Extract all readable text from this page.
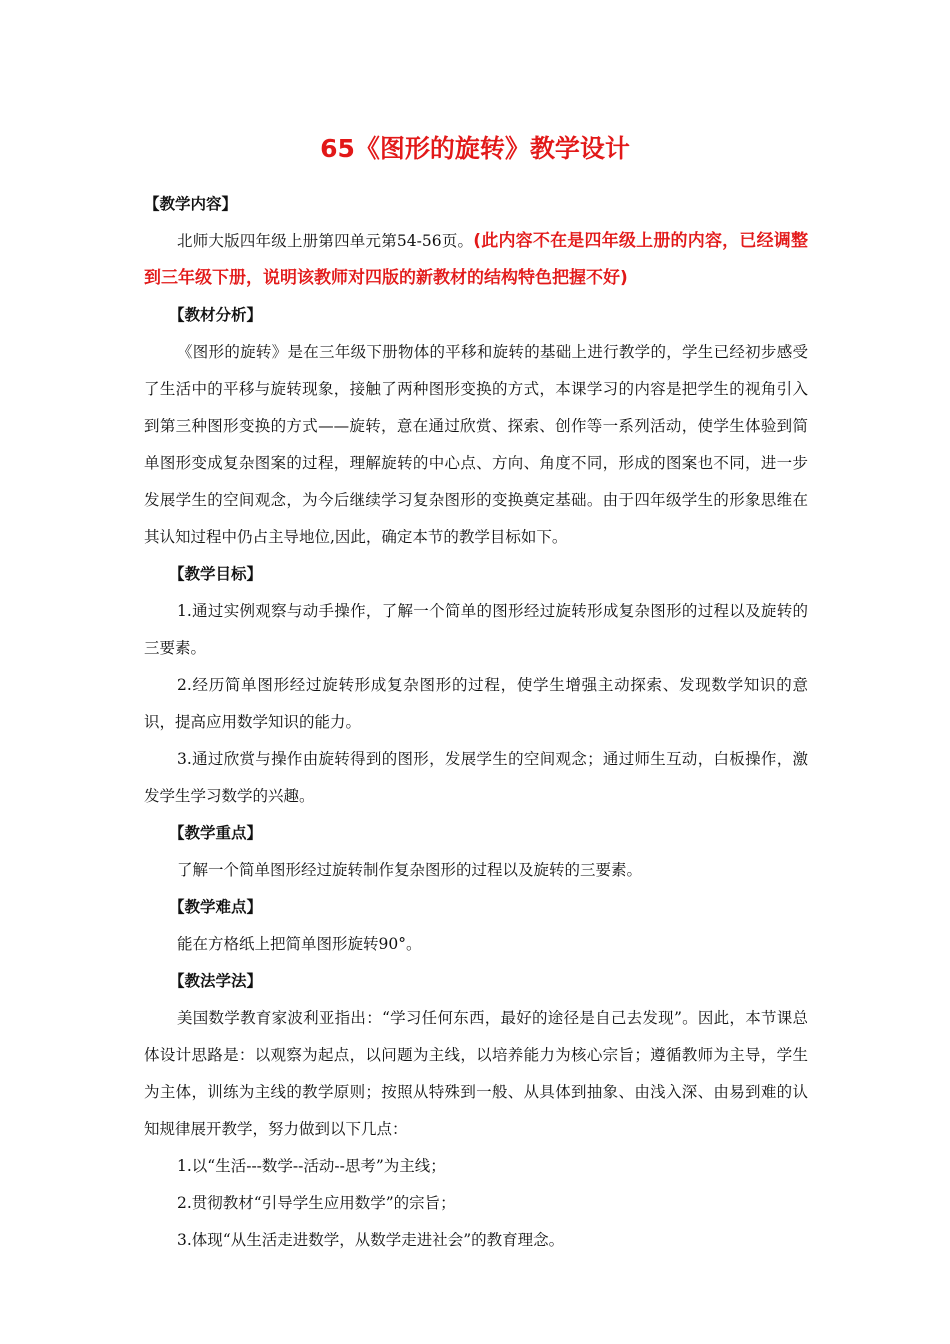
65《图形的旋转》教学设计

【教学内容】

北师大版四年级上册第四单元第54-56页。(此内容不在是四年级上册的内容，已经调整到三年级下册，说明该教师对四版的新教材的结构特色把握不好)

【教材分析】

《图形的旋转》是在三年级下册物体的平移和旋转的基础上进行教学的，学生已经初步感受了生活中的平移与旋转现象，接触了两种图形变换的方式，本课学习的内容是把学生的视角引入到第三种图形变换的方式——旋转，意在通过欣赏、探索、创作等一系列活动，使学生体验到简单图形变成复杂图案的过程，理解旋转的中心点、方向、角度不同，形成的图案也不同，进一步发展学生的空间观念，为今后继续学习复杂图形的变换奠定基础。由于四年级学生的形象思维在其认知过程中仍占主导地位,因此，确定本节的教学目标如下。

【教学目标】

1.通过实例观察与动手操作，了解一个简单的图形经过旋转形成复杂图形的过程以及旋转的三要素。

2.经历简单图形经过旋转形成复杂图形的过程，使学生增强主动探索、发现数学知识的意识，提高应用数学知识的能力。

3.通过欣赏与操作由旋转得到的图形，发展学生的空间观念；通过师生互动，白板操作，激发学生学习数学的兴趣。

【教学重点】

了解一个简单图形经过旋转制作复杂图形的过程以及旋转的三要素。

【教学难点】

能在方格纸上把简单图形旋转90°。

【教法学法】

美国数学教育家波利亚指出：“学习任何东西，最好的途径是自己去发现”。因此，本节课总体设计思路是：以观察为起点，以问题为主线，以培养能力为核心宗旨；遵循教师为主导，学生为主体，训练为主线的教学原则；按照从特殊到一般、从具体到抽象、由浅入深、由易到难的认知规律展开教学，努力做到以下几点：

1.以“生活---数学--活动--思考”为主线；

2.贯彻教材“引导学生应用数学”的宗旨；

3.体现“从生活走进数学，从数学走进社会”的教育理念。
